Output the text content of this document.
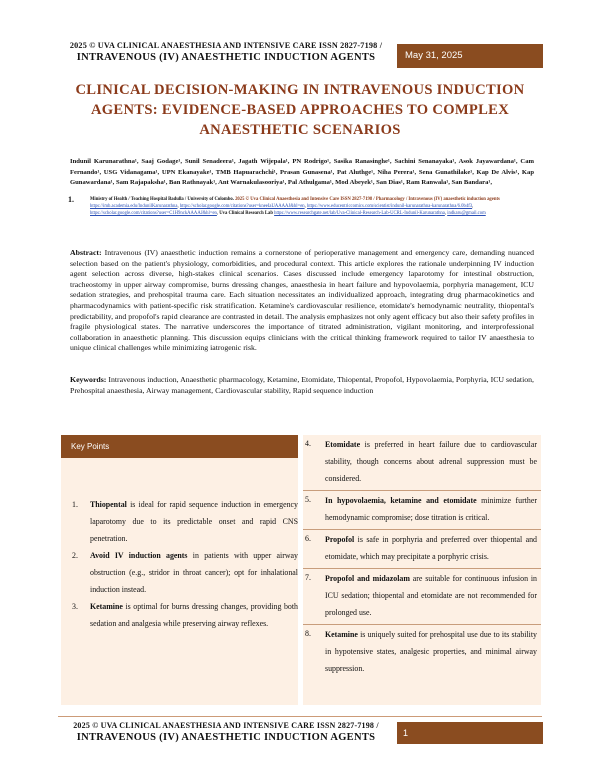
2025 © UVA CLINICAL ANAESTHESIA AND INTENSIVE CARE ISSN 2827-7198 /
INTRAVENOUS (IV) ANAESTHETIC INDUCTION AGENTS	May 31, 2025
CLINICAL DECISION-MAKING IN INTRAVENOUS INDUCTION AGENTS: EVIDENCE-BASED APPROACHES TO COMPLEX ANAESTHETIC SCENARIOS
Indunil Karunarathna¹, Saaj Godage¹, Sunil Senadeera¹, Jagath Wijepala¹, PN Rodrigo¹, Sasika Ranasinghe¹, Sachini Senanayaka¹, Asok Jayawardana¹, Cam Fernando¹, USG Vidanagama¹, UPN Ekanayake¹, TMB Hapuarachchi¹, Prasan Gunasena¹, Pat Aluthge¹, Niha Perera¹, Sena Gunathilake¹, Kap De Alvis¹, Kap Gunawardana¹, Sam Rajapaksha¹, Ban Rathnayak¹, Ant Warnakulasooriya¹, Pal Athulgama¹, Mod Abeyek¹, San Dias¹, Ram Ranwala¹, San Bandara¹,
1.	Ministry of Health / Teaching Hospital Badulla / University of Colombo. 2025 © Uva Clinical Anaesthesia and Intensive Care ISSN 2827-7198 / Pharmacology / Intravenous (IV) anaesthetic induction agents https://imb.academia.edu/IndunilKarunarathna, https://scholar.google.com/citations?user=kneeIaUAAAAJ&hl=en, https://www.educentriccomics.com/scientist/indunil-karunarathna-karunarathna/6.0b4f3, https://scholar.google.com/citations?user=C1H9nckAAAAJ&hl=en, Uva Clinical Research Lab https://www.researchgate.net/lab/Uva-Clinical-Research-Lab-UCRL-Indunil-Karunarathna, indkaru@gmail.com
Abstract: Intravenous (IV) anaesthetic induction remains a cornerstone of perioperative management and emergency care, demanding nuanced selection based on the patient's physiology, comorbidities, and procedural context. This article explores the rationale underpinning IV induction agent selection across diverse, high-stakes clinical scenarios. Cases discussed include emergency laparotomy for intestinal obstruction, tracheostomy in upper airway compromise, burns dressing changes, anaesthesia in heart failure and hypovolaemia, porphyria management, ICU sedation strategies, and prehospital trauma care. Each situation necessitates an individualized approach, integrating drug pharmacokinetics and pharmacodynamics with patient-specific risk stratification. Ketamine's cardiovascular resilience, etomidate's hemodynamic neutrality, thiopental's predictability, and propofol's rapid clearance are contrasted in detail. The analysis emphasizes not only agent efficacy but also their safety profiles in fragile physiological states. The narrative underscores the importance of titrated administration, vigilant monitoring, and interprofessional collaboration in anaesthetic planning. This discussion equips clinicians with the critical thinking framework required to tailor IV anaesthesia to unique clinical challenges while minimizing iatrogenic risk.
Keywords: Intravenous induction, Anaesthetic pharmacology, Ketamine, Etomidate, Thiopental, Propofol, Hypovolaemia, Porphyria, ICU sedation, Prehospital anaesthesia, Airway management, Cardiovascular stability, Rapid sequence induction
Key Points
1. Thiopental is ideal for rapid sequence induction in emergency laparotomy due to its predictable onset and rapid CNS penetration.
2. Avoid IV induction agents in patients with upper airway obstruction (e.g., stridor in throat cancer); opt for inhalational induction instead.
3. Ketamine is optimal for burns dressing changes, providing both sedation and analgesia while preserving airway reflexes.
4. Etomidate is preferred in heart failure due to cardiovascular stability, though concerns about adrenal suppression must be considered.
5. In hypovolaemia, ketamine and etomidate minimize further hemodynamic compromise; dose titration is critical.
6. Propofol is safe in porphyria and preferred over thiopental and etomidate, which may precipitate a porphyric crisis.
7. Propofol and midazolam are suitable for continuous infusion in ICU sedation; thiopental and etomidate are not recommended for prolonged use.
8. Ketamine is uniquely suited for prehospital use due to its stability in hypotensive states, analgesic properties, and minimal airway suppression.
2025 © UVA CLINICAL ANAESTHESIA AND INTENSIVE CARE ISSN 2827-7198 /
INTRAVENOUS (IV) ANAESTHETIC INDUCTION AGENTS	1
